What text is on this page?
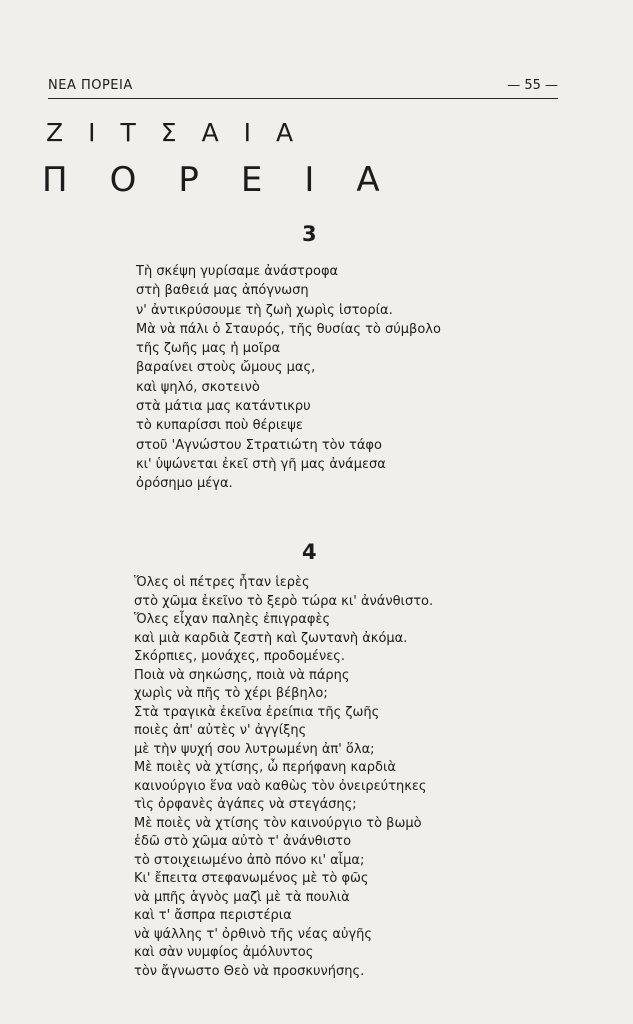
ΝΕΑ ΠΟΡΕΙΑ	— 55 —
ΖΙΤΣΑΙΑ
ΠΟΡΕΙΑ
3
Τὴ σκέψη γυρίσαμε ἀνάστροφα
στὴ βαθειά μας ἀπόγνωση
ν' ἀντικρύσουμε τὴ ζωὴ χωρὶς ἱστορία.
Μὰ νὰ πάλι ὁ Σταυρός, τῆς θυσίας τὸ σύμβολο
τῆς ζωῆς μας ἡ μοῖρα
βαραίνει στοὺς ὤμους μας,
καὶ ψηλό, σκοτεινὸ
στὰ μάτια μας κατάντικρυ
τὸ κυπαρίσσι ποὺ θέριεψε
στοῦ 'Αγνώστου Στρατιώτη τὸν τάφο
κι' ὑψώνεται ἐκεῖ στὴ γῆ μας ἀνάμεσα
ὀρόσημο μέγα.
4
Ὅλες οἱ πέτρες ἦταν ἱερὲς
στὸ χῶμα ἐκεῖνο τὸ ξερὸ τώρα κι' ἀνάνθιστο.
Ὅλες εἶχαν παληὲς ἐπιγραφὲς
καὶ μιὰ καρδιὰ ζεστὴ καὶ ζωντανὴ ἀκόμα.
Σκόρπιες, μονάχες, προδομένες.
Ποιὰ νὰ σηκώσης, ποιὰ νὰ πάρης
χωρὶς νὰ πῆς τὸ χέρι βέβηλο;
Στὰ τραγικὰ ἐκεῖνα ἐρείπια τῆς ζωῆς
ποιὲς ἀπ' αὐτὲς ν' ἀγγίξης
μὲ τὴν ψυχή σου λυτρωμένη ἀπ' ὅλα;
Μὲ ποιὲς νὰ χτίσης, ὦ περήφανη καρδιὰ
καινούργιο ἕνα ναὸ καθὼς τὸν ὀνειρεύτηκες
τὶς ὀρφανὲς ἀγάπες νὰ στεγάσης;
Μὲ ποιὲς νὰ χτίσης τὸν καινούργιο τὸ βωμὸ
ἐδῶ στὸ χῶμα αὐτὸ τ' ἀνάνθιστο
τὸ στοιχειωμένο ἀπὸ πόνο κι' αἷμα;
Κι' ἔπειτα στεφανωμένος μὲ τὸ φῶς
νὰ μπῆς ἁγνὸς μαζὶ μὲ τὰ πουλιὰ
καὶ τ' ἄσπρα περιστέρια
νὰ ψάλλης τ' ὀρθινὸ τῆς νέας αὐγῆς
καὶ σὰν νυμφίος ἀμόλυντος
τὸν ἄγνωστο Θεὸ νὰ προσκυνήσης.
